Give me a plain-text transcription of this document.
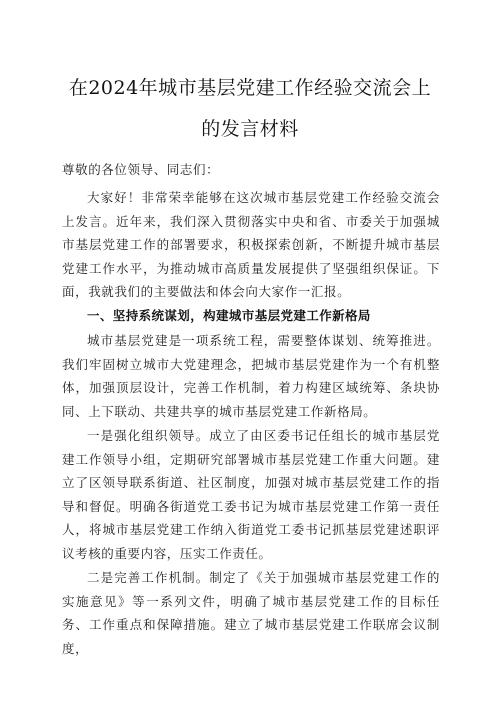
在2024年城市基层党建工作经验交流会上
的发言材料
尊敬的各位领导、同志们：

大家好！非常荣幸能够在这次城市基层党建工作经验交流会上发言。近年来，我们深入贯彻落实中央和省、市委关于加强城市基层党建工作的部署要求，积极探索创新，不断提升城市基层党建工作水平，为推动城市高质量发展提供了坚强组织保证。下面，我就我们的主要做法和体会向大家作一汇报。

一、坚持系统谋划，构建城市基层党建工作新格局

城市基层党建是一项系统工程，需要整体谋划、统筹推进。我们牢固树立城市大党建理念，把城市基层党建作为一个有机整体，加强顶层设计，完善工作机制，着力构建区域统筹、条块协同、上下联动、共建共享的城市基层党建工作新格局。

一是强化组织领导。成立了由区委书记任组长的城市基层党建工作领导小组，定期研究部署城市基层党建工作重大问题。建立了区领导联系街道、社区制度，加强对城市基层党建工作的指导和督促。明确各街道党工委书记为城市基层党建工作第一责任人，将城市基层党建工作纳入街道党工委书记抓基层党建述职评议考核的重要内容，压实工作责任。

二是完善工作机制。制定了《关于加强城市基层党建工作的实施意见》等一系列文件，明确了城市基层党建工作的目标任务、工作重点和保障措施。建立了城市基层党建工作联席会议制度，
